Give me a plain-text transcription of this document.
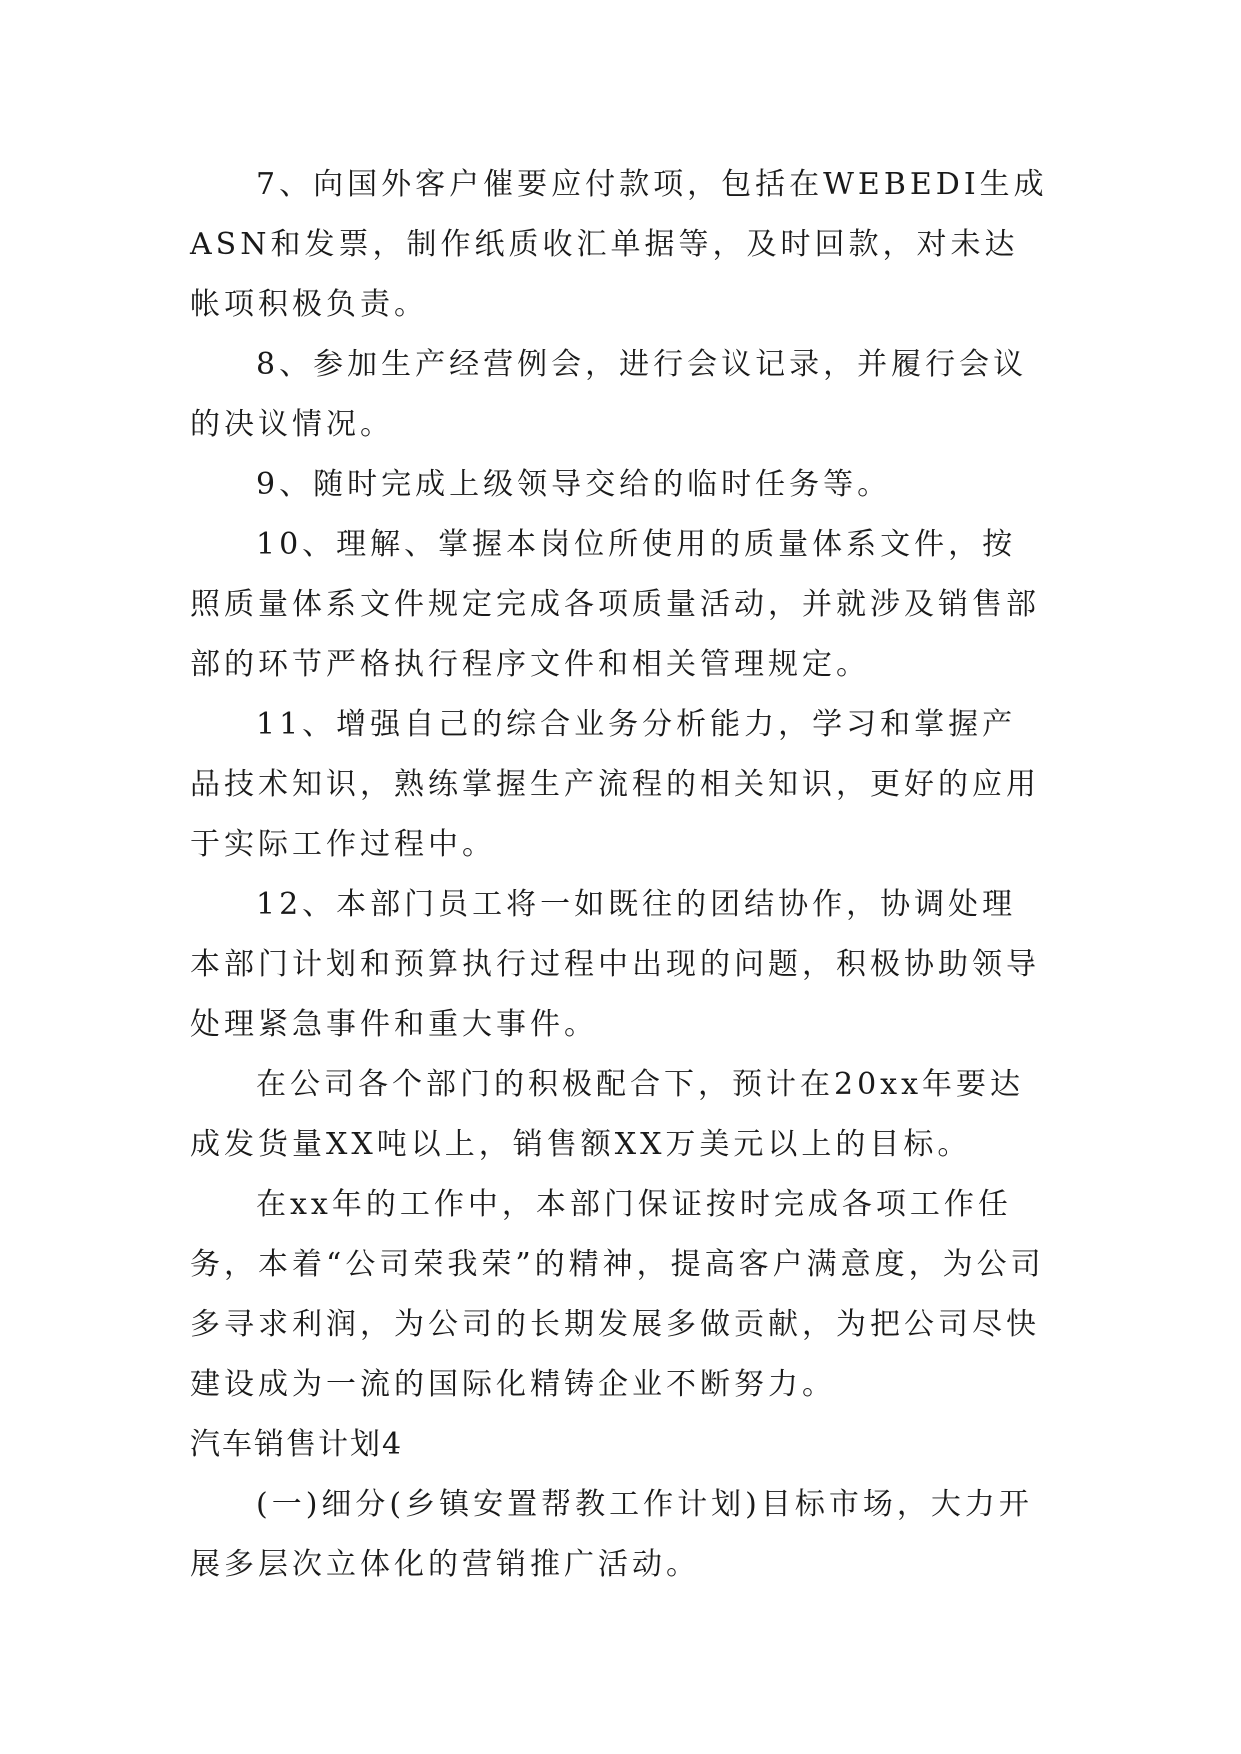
7、向国外客户催要应付款项，包括在WEBEDI生成ASN和发票，制作纸质收汇单据等，及时回款，对未达帐项积极负责。

8、参加生产经营例会，进行会议记录，并履行会议的决议情况。

9、随时完成上级领导交给的临时任务等。

10、理解、掌握本岗位所使用的质量体系文件，按照质量体系文件规定完成各项质量活动，并就涉及销售部部的环节严格执行程序文件和相关管理规定。

11、增强自己的综合业务分析能力，学习和掌握产品技术知识，熟练掌握生产流程的相关知识，更好的应用于实际工作过程中。

12、本部门员工将一如既往的团结协作，协调处理本部门计划和预算执行过程中出现的问题，积极协助领导处理紧急事件和重大事件。

在公司各个部门的积极配合下，预计在20xx年要达成发货量XX吨以上，销售额XX万美元以上的目标。

在xx年的工作中，本部门保证按时完成各项工作任务，本着“公司荣我荣”的精神，提高客户满意度，为公司多寻求利润，为公司的长期发展多做贡献，为把公司尽快建设成为一流的国际化精铸企业不断努力。

汽车销售计划4

(一)细分(乡镇安置帮教工作计划)目标市场，大力开展多层次立体化的营销推广活动。
